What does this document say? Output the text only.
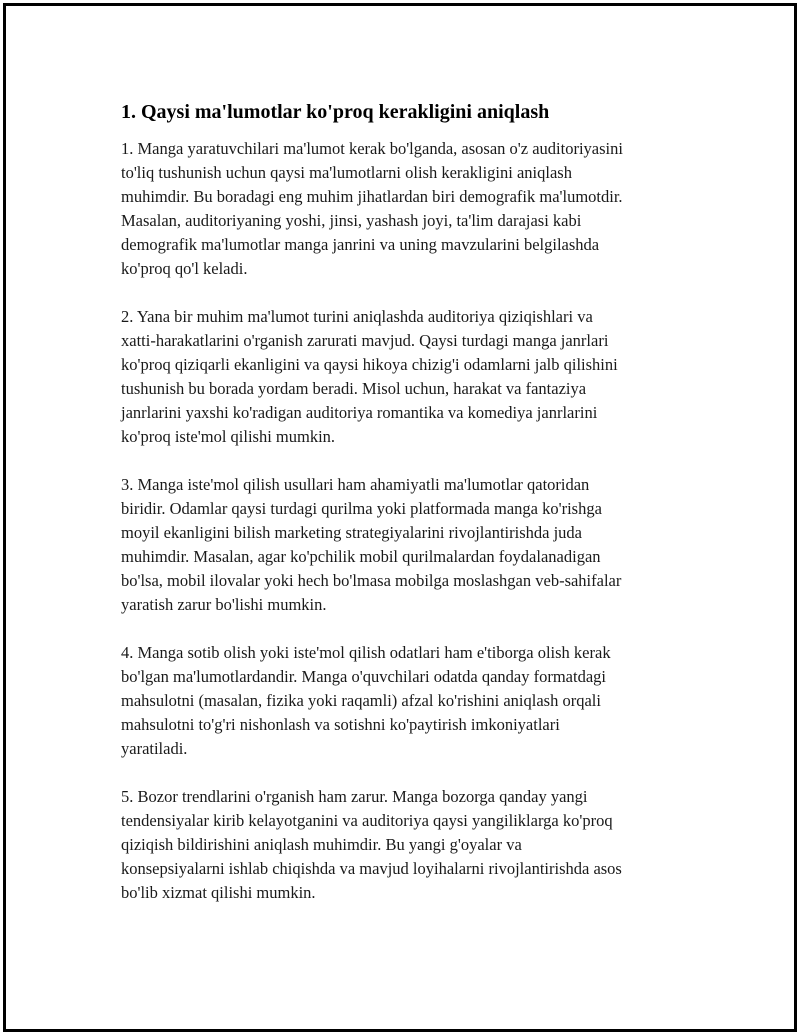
1. Qaysi ma'lumotlar ko'proq kerakligini aniqlash

1. Manga yaratuvchilari ma'lumot kerak bo'lganda, asosan o'z auditoriyasini
to'liq tushunish uchun qaysi ma'lumotlarni olish kerakligini aniqlash
muhimdir. Bu boradagi eng muhim jihatlardan biri demografik ma'lumotdir.
Masalan, auditoriyaning yoshi, jinsi, yashash joyi, ta'lim darajasi kabi
demografik ma'lumotlar manga janrini va uning mavzularini belgilashda
ko'proq qo'l keladi.

2. Yana bir muhim ma'lumot turini aniqlashda auditoriya qiziqishlari va
xatti-harakatlarini o'rganish zarurati mavjud. Qaysi turdagi manga janrlari
ko'proq qiziqarli ekanligini va qaysi hikoya chizig'i odamlarni jalb qilishini
tushunish bu borada yordam beradi. Misol uchun, harakat va fantaziya
janrlarini yaxshi ko'radigan auditoriya romantika va komediya janrlarini
ko'proq iste'mol qilishi mumkin.

3. Manga iste'mol qilish usullari ham ahamiyatli ma'lumotlar qatoridan
biridir. Odamlar qaysi turdagi qurilma yoki platformada manga ko'rishga
moyil ekanligini bilish marketing strategiyalarini rivojlantirishda juda
muhimdir. Masalan, agar ko'pchilik mobil qurilmalardan foydalanadigan
bo'lsa, mobil ilovalar yoki hech bo'lmasa mobilga moslashgan veb-sahifalar
yaratish zarur bo'lishi mumkin.

4. Manga sotib olish yoki iste'mol qilish odatlari ham e'tiborga olish kerak
bo'lgan ma'lumotlardandir. Manga o'quvchilari odatda qanday formatdagi
mahsulotni (masalan, fizika yoki raqamli) afzal ko'rishini aniqlash orqali
mahsulotni to'g'ri nishonlash va sotishni ko'paytirish imkoniyatlari
yaratiladi.

5. Bozor trendlarini o'rganish ham zarur. Manga bozorga qanday yangi
tendensiyalar kirib kelayotganini va auditoriya qaysi yangiliklarga ko'proq
qiziqish bildirishini aniqlash muhimdir. Bu yangi g'oyalar va
konsepsiyalarni ishlab chiqishda va mavjud loyihalarni rivojlantirishda asos
bo'lib xizmat qilishi mumkin.
